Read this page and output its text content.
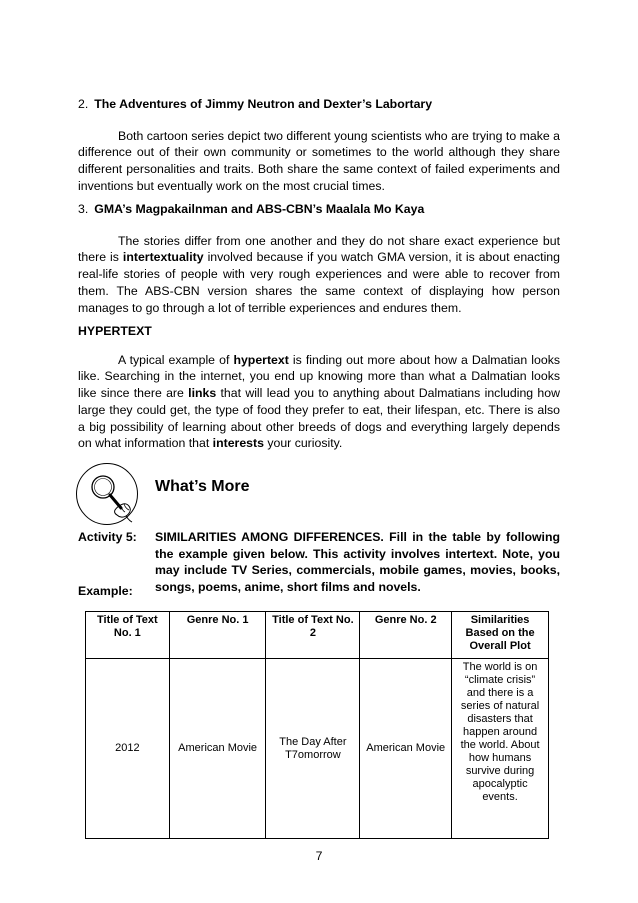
2. The Adventures of Jimmy Neutron and Dexter’s Labortary

Both cartoon series depict two different young scientists who are trying to make a difference out of their own community or sometimes to the world although they share different personalities and traits. Both share the same context of failed experiments and inventions but eventually work on the most crucial times.

3. GMA’s Magpakailnman and ABS-CBN’s Maalala Mo Kaya

The stories differ from one another and they do not share exact experience but there is intertextuality involved because if you watch GMA version, it is about enacting real-life stories of people with very rough experiences and were able to recover from them. The ABS-CBN version shares the same context of displaying how person manages to go through a lot of terrible experiences and endures them.

HYPERTEXT

A typical example of hypertext is finding out more about how a Dalmatian looks like. Searching in the internet, you end up knowing more than what a Dalmatian looks like since there are links that will lead you to anything about Dalmatians including how large they could get, the type of food they prefer to eat, their lifespan, etc. There is also a big possibility of learning about other breeds of dogs and everything largely depends on what information that interests your curiosity.

What’s More
Activity 5: SIMILARITIES AMONG DIFFERENCES. Fill in the table by following the example given below. This activity involves intertext. Note, you may include TV Series, commercials, mobile games, movies, books, songs, poems, anime, short films and novels.
Example:
Title of Text No. 1	Genre No. 1	Title of Text No. 2	Genre No. 2	Similarities Based on the Overall Plot
2012	American Movie	The Day After T7omorrow	American Movie	The world is on “climate crisis” and there is a series of natural disasters that happen around the world. About how humans survive during apocalyptic events.
7
